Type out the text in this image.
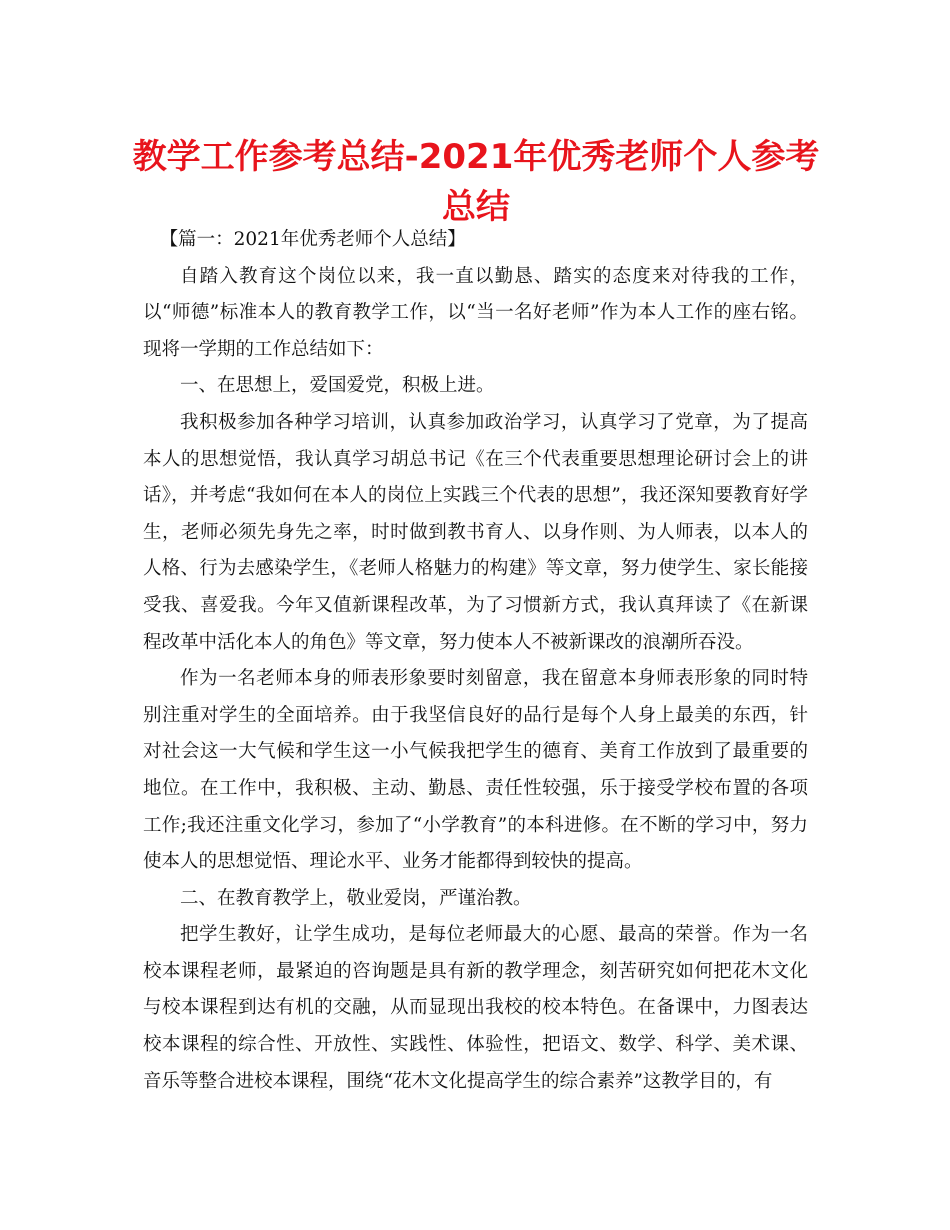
教学工作参考总结-2021年优秀老师个人参考总结

【篇一：2021年优秀老师个人总结】

自踏入教育这个岗位以来，我一直以勤恳、踏实的态度来对待我的工作，以“师德”标准本人的教育教学工作，以“当一名好老师”作为本人工作的座右铭。现将一学期的工作总结如下：

一、在思想上，爱国爱党，积极上进。

我积极参加各种学习培训，认真参加政治学习，认真学习了党章，为了提高本人的思想觉悟，我认真学习胡总书记《在三个代表重要思想理论研讨会上的讲话》，并考虑“我如何在本人的岗位上实践三个代表的思想”，我还深知要教育好学生，老师必须先身先之率，时时做到教书育人、以身作则、为人师表，以本人的人格、行为去感染学生，《老师人格魅力的构建》等文章，努力使学生、家长能接受我、喜爱我。今年又值新课程改革，为了习惯新方式，我认真拜读了《在新课程改革中活化本人的角色》等文章，努力使本人不被新课改的浪潮所吞没。

作为一名老师本身的师表形象要时刻留意，我在留意本身师表形象的同时特别注重对学生的全面培养。由于我坚信良好的品行是每个人身上最美的东西，针对社会这一大气候和学生这一小气候我把学生的德育、美育工作放到了最重要的地位。在工作中，我积极、主动、勤恳、责任性较强，乐于接受学校布置的各项工作;我还注重文化学习，参加了“小学教育”的本科进修。在不断的学习中，努力使本人的思想觉悟、理论水平、业务才能都得到较快的提高。

二、在教育教学上，敬业爱岗，严谨治教。

把学生教好，让学生成功，是每位老师最大的心愿、最高的荣誉。作为一名校本课程老师，最紧迫的咨询题是具有新的教学理念，刻苦研究如何把花木文化与校本课程到达有机的交融，从而显现出我校的校本特色。在备课中，力图表达校本课程的综合性、开放性、实践性、体验性，把语文、数学、科学、美术课、音乐等整合进校本课程，围绕“花木文化提高学生的综合素养”这教学目的，有
